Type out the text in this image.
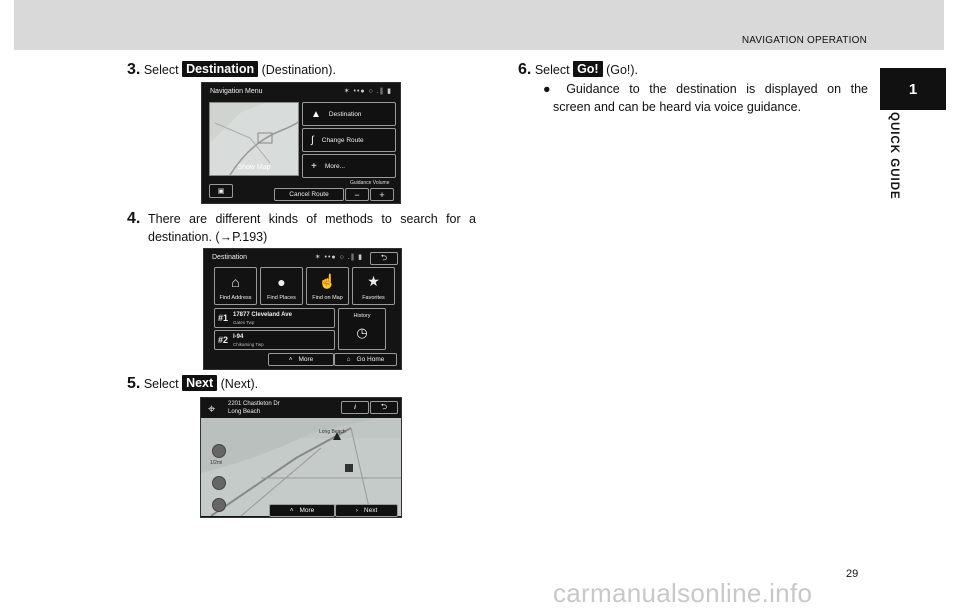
NAVIGATION OPERATION
1
QUICK GUIDE
3. Select Destination (Destination).
Navigation Menu	✶ ••● ○ .∥ ▮
Show Map
▲ Destination
∫ Change Route
+ More...
▣
Guidance Volume
Cancel Route	− +
4. There are different kinds of methods to search for a
destination. (→P.193)
Destination	✶ ••● ○ .∥ ▮ ⮌
⌂
Find Address
●
Find Places
☝
Find on Map
★
Favorites
#1 17877 Cleveland Ave
Gates Twp
#2 I-94
Chikaming Twp
History
◷
˄ More	⌂ Go Home
5. Select Next (Next).
⌖ 2201 Chastleton Dr
Long Beach
i	⮌
Long Beach
1/2mi
˄ More	› Next
6. Select Go! (Go!).
● Guidance to the destination is displayed on the
screen and can be heard via voice guidance.
29
carmanualsonline.info
